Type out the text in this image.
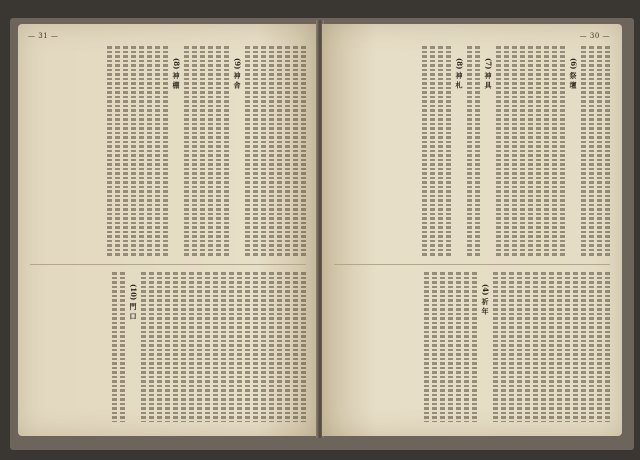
— 31 —
(9) 神 舎
(8) 神 棚
(10) 門 口
— 30 —
(6) 祭 壇
(7) 神 具
(8) 神 札
(4) 祈 年
